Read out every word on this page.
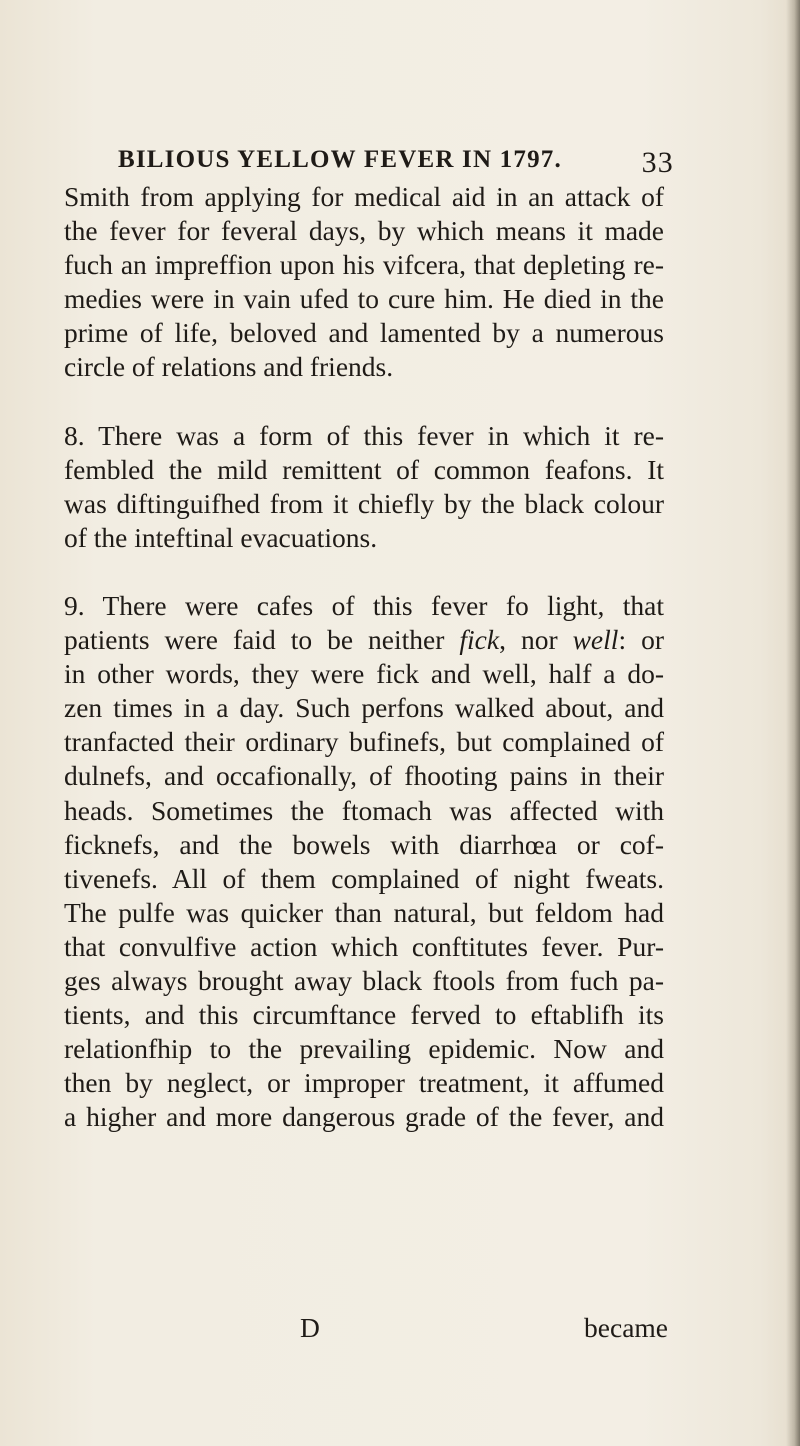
BILIOUS YELLOW FEVER IN 1797.	33
Smith from applying for medical aid in an attack of
the fever for feveral days, by which means it made
fuch an impreffion upon his vifcera, that depleting re-
medies were in vain ufed to cure him. He died in the
prime of life, beloved and lamented by a numerous
circle of relations and friends.
8. There was a form of this fever in which it re-
fembled the mild remittent of common feafons. It
was diftinguifhed from it chiefly by the black colour
of the inteftinal evacuations.
9. There were cafes of this fever fo light, that
patients were faid to be neither fick, nor well: or
in other words, they were fick and well, half a do-
zen times in a day. Such perfons walked about, and
tranfacted their ordinary bufinefs, but complained of
dulnefs, and occafionally, of fhooting pains in their
heads. Sometimes the ftomach was affected with
ficknefs, and the bowels with diarrhœa or cof-
tivenefs. All of them complained of night fweats.
The pulfe was quicker than natural, but feldom had
that convulfive action which conftitutes fever. Pur-
ges always brought away black ftools from fuch pa-
tients, and this circumftance ferved to eftablifh its
relationfhip to the prevailing epidemic. Now and
then by neglect, or improper treatment, it affumed
a higher and more dangerous grade of the fever, and
D	became
